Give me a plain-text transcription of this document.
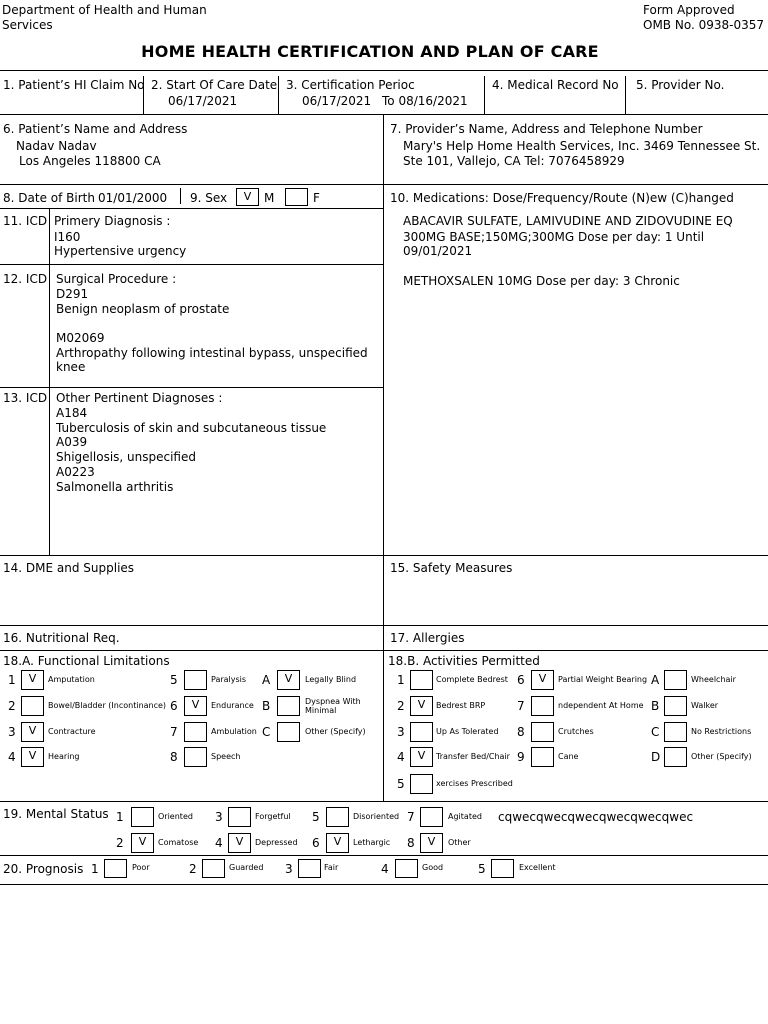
Department of Health and Human
Services
Form Approved
OMB No. 0938-0357
HOME HEALTH CERTIFICATION AND PLAN OF CARE
1. Patient’s HI Claim No 2. Start Of Care Date
06/17/2021
3. Certification Perioc
06/17/2021 To 08/16/2021
4. Medical Record No 5. Provider No.
6. Patient’s Name and Address
Nadav Nadav
Los Angeles 118800 CA
7. Provider’s Name, Address and Telephone Number
Mary's Help Home Health Services, Inc. 3469 Tennessee St.
Ste 101, Vallejo, CA Tel: 7076458929
8. Date of Birth 01/01/2000 9. Sex	V	M	F	10. Medications: Dose/Frequency/Route (N)ew (C)hanged
ABACAVIR SULFATE, LAMIVUDINE AND ZIDOVUDINE EQ
300MG BASE;150MG;300MG Dose per day: 1 Until
09/01/2021
METHOXSALEN 10MG Dose per day: 3 Chronic
11. ICD Primery Diagnosis :
I160
Hypertensive urgency
12. ICD Surgical Procedure :
D291
Benign neoplasm of prostate
M02069
Arthropathy following intestinal bypass, unspecified
knee
13. ICD Other Pertinent Diagnoses :
A184
Tuberculosis of skin and subcutaneous tissue
A039
Shigellosis, unspecified
A0223
Salmonella arthritis
14. DME and Supplies	15. Safety Measures
16. Nutritional Req.	17. Allergies
18.A. Functional Limitations
1	V	Amputation
2	Bowel/Bladder (Incontinance)
3	V	Contracture
4	V	Hearing
5	Paralysis
6	V	Endurance
7	Ambulation
8	Speech
A	V	Legally Blind
B	Dyspnea With
Minimal
C	Other (Specify)
18.B. Activities Permitted
1	Complete Bedrest
2	V	Bedrest BRP
3	Up As Tolerated
4	V	Transfer Bed/Chair
5	xercises Prescribed
6	V	Partial Weight Bearing
7	ndependent At Home
8	Crutches
9	Cane
A	Wheelchair
B	Walker
C	No Restrictions
D	Other (Specify)
19. Mental Status 1	Oriented 3	Forgetful 5	Disoriented 7	Agitated cqwecqwecqwecqwecqwecqwec
2	V	Comatose 4	V	Depressed 6	V	Lethargic 8	V	Other
20. Prognosis 1	Poor	2	Guarded 3	Fair	4	Good	5	Excellent
